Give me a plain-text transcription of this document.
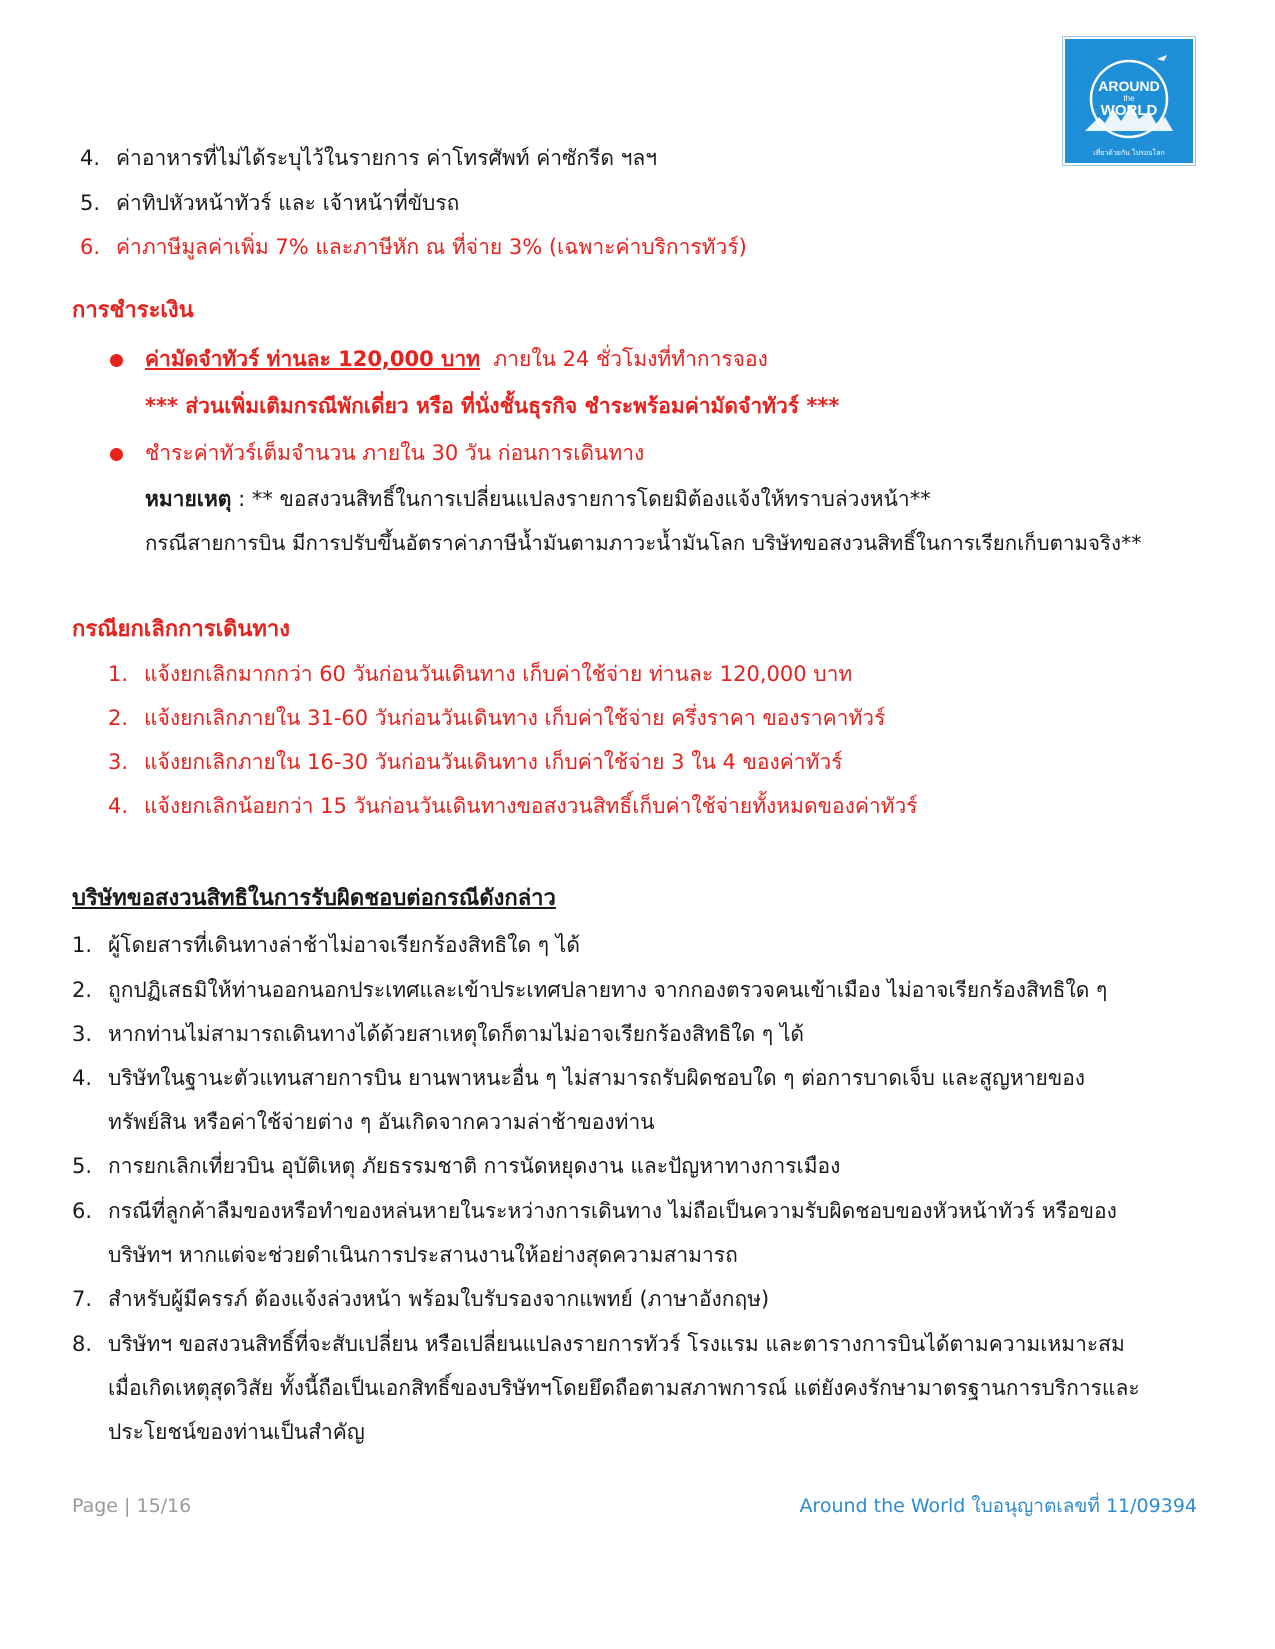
AROUND
the
WORLD
เที่ยวด้วยกัน ไปรอบโลก
4. ค่าอาหารที่ไม่ได้ระบุไว้ในรายการ ค่าโทรศัพท์ ค่าซักรีด ฯลฯ
5. ค่าทิปหัวหน้าทัวร์ และ เจ้าหน้าที่ขับรถ
6. ค่าภาษีมูลค่าเพิ่ม 7% และภาษีหัก ณ ที่จ่าย 3% (เฉพาะค่าบริการทัวร์)
การชำระเงิน
ค่ามัดจำทัวร์ ท่านละ 120,000 บาท ภายใน 24 ชั่วโมงที่ทำการจอง
*** ส่วนเพิ่มเติมกรณีพักเดี่ยว หรือ ที่นั่งชั้นธุรกิจ ชำระพร้อมค่ามัดจำทัวร์ ***
ชำระค่าทัวร์เต็มจำนวน ภายใน 30 วัน ก่อนการเดินทาง
หมายเหตุ : ** ขอสงวนสิทธิ์ในการเปลี่ยนแปลงรายการโดยมิต้องแจ้งให้ทราบล่วงหน้า**
กรณีสายการบิน มีการปรับขึ้นอัตราค่าภาษีน้ำมันตามภาวะน้ำมันโลก บริษัทขอสงวนสิทธิ์ในการเรียกเก็บตามจริง**
กรณียกเลิกการเดินทาง
1. แจ้งยกเลิกมากกว่า 60 วันก่อนวันเดินทาง เก็บค่าใช้จ่าย ท่านละ 120,000 บาท
2. แจ้งยกเลิกภายใน 31-60 วันก่อนวันเดินทาง เก็บค่าใช้จ่าย ครึ่งราคา ของราคาทัวร์
3. แจ้งยกเลิกภายใน 16-30 วันก่อนวันเดินทาง เก็บค่าใช้จ่าย 3 ใน 4 ของค่าทัวร์
4. แจ้งยกเลิกน้อยกว่า 15 วันก่อนวันเดินทางขอสงวนสิทธิ์เก็บค่าใช้จ่ายทั้งหมดของค่าทัวร์
บริษัทขอสงวนสิทธิในการรับผิดชอบต่อกรณีดังกล่าว
1. ผู้โดยสารที่เดินทางล่าช้าไม่อาจเรียกร้องสิทธิใด ๆ ได้
2. ถูกปฏิเสธมิให้ท่านออกนอกประเทศและเข้าประเทศปลายทาง จากกองตรวจคนเข้าเมือง ไม่อาจเรียกร้องสิทธิใด ๆ
3. หากท่านไม่สามารถเดินทางได้ด้วยสาเหตุใดก็ตามไม่อาจเรียกร้องสิทธิใด ๆ ได้
4. บริษัทในฐานะตัวแทนสายการบิน ยานพาหนะอื่น ๆ ไม่สามารถรับผิดชอบใด ๆ ต่อการบาดเจ็บ และสูญหายของ
ทรัพย์สิน หรือค่าใช้จ่ายต่าง ๆ อันเกิดจากความล่าช้าของท่าน
5. การยกเลิกเที่ยวบิน อุบัติเหตุ ภัยธรรมชาติ การนัดหยุดงาน และปัญหาทางการเมือง
6. กรณีที่ลูกค้าลืมของหรือทำของหล่นหายในระหว่างการเดินทาง ไม่ถือเป็นความรับผิดชอบของหัวหน้าทัวร์ หรือของ
บริษัทฯ หากแต่จะช่วยดำเนินการประสานงานให้อย่างสุดความสามารถ
7. สำหรับผู้มีครรภ์ ต้องแจ้งล่วงหน้า พร้อมใบรับรองจากแพทย์ (ภาษาอังกฤษ)
8. บริษัทฯ ขอสงวนสิทธิ์ที่จะสับเปลี่ยน หรือเปลี่ยนแปลงรายการทัวร์ โรงแรม และตารางการบินได้ตามความเหมาะสม
เมื่อเกิดเหตุสุดวิสัย ทั้งนี้ถือเป็นเอกสิทธิ์ของบริษัทฯโดยยึดถือตามสภาพการณ์ แต่ยังคงรักษามาตรฐานการบริการและ
ประโยชน์ของท่านเป็นสำคัญ
Page | 15/16	Around the World ใบอนุญาตเลขที่ 11/09394
